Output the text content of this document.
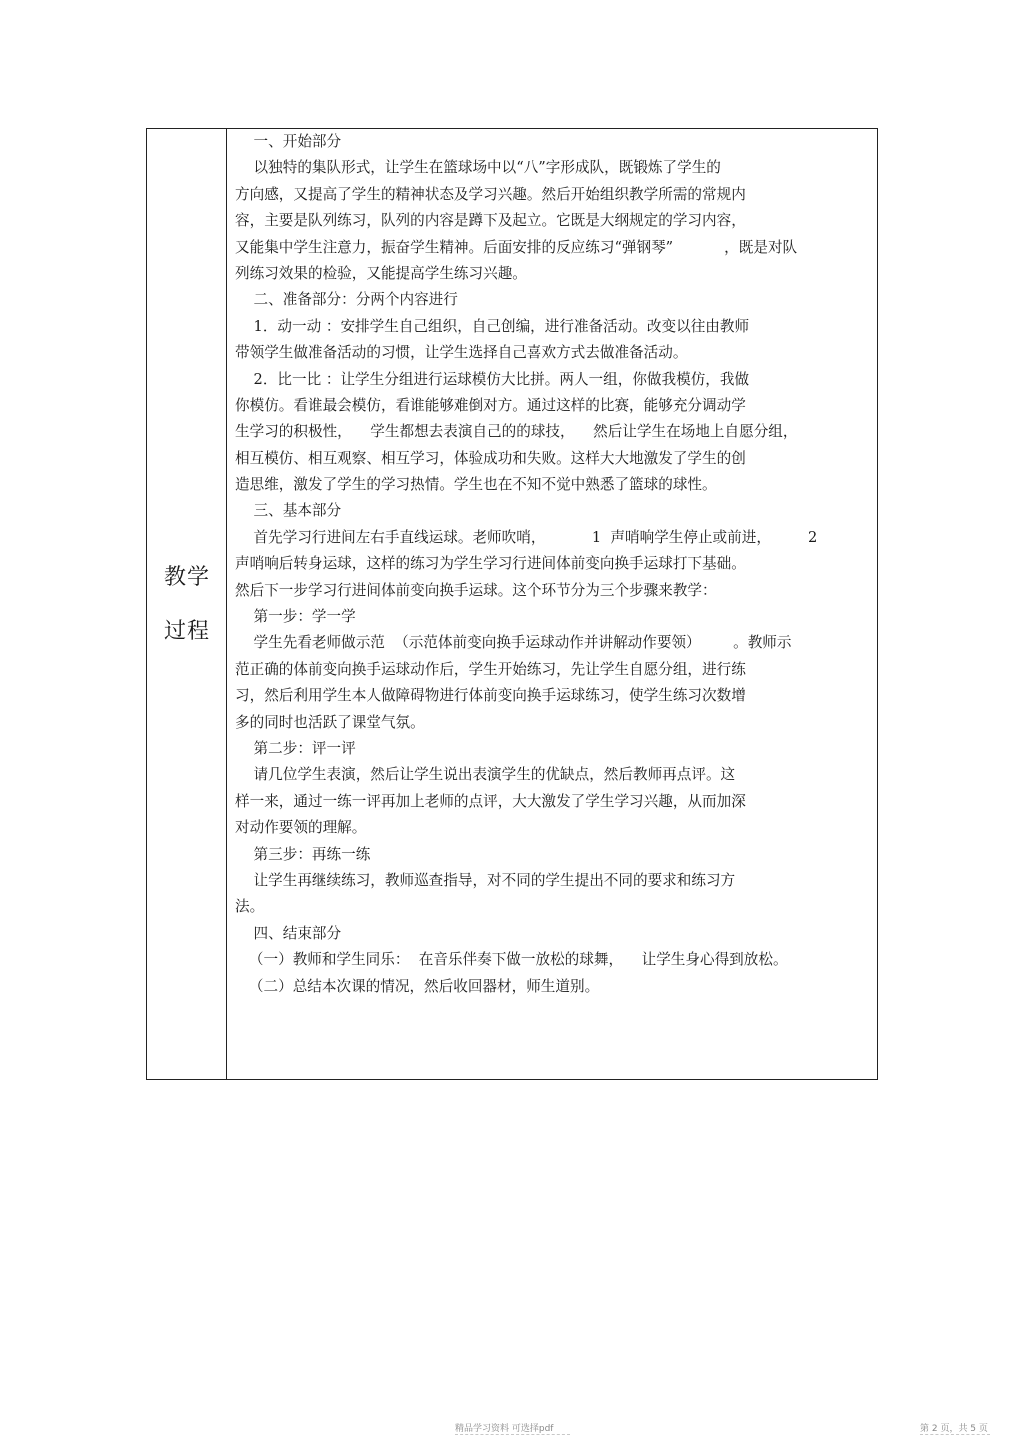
教学
过程
一、开始部分
以独特的集队形式，让学生在篮球场中以“八”字形成队，既锻炼了学生的
方向感，又提高了学生的精神状态及学习兴趣。然后开始组织教学所需的常规内
容，主要是队列练习，队列的内容是蹲下及起立。它既是大纲规定的学习内容，
又能集中学生注意力，振奋学生精神。后面安排的反应练习“弹钢琴”           ，既是对队
列练习效果的检验，又能提高学生练习兴趣。
二、准备部分：分两个内容进行
1．动一动 ：安排学生自己组织，自己创编，进行准备活动。改变以往由教师
带领学生做准备活动的习惯，让学生选择自己喜欢方式去做准备活动。
2．比一比 ：让学生分组进行运球模仿大比拼。两人一组，你做我模仿，我做
你模仿。看谁最会模仿，看谁能够难倒对方。通过这样的比赛，能够充分调动学
生学习的积极性，    学生都想去表演自己的的球技，    然后让学生在场地上自愿分组，
相互模仿、相互观察、相互学习，体验成功和失败。这样大大地激发了学生的创
造思维，激发了学生的学习热情。学生也在不知不觉中熟悉了篮球的球性。
三、基本部分
首先学习行进间左右手直线运球。老师吹哨，          1  声哨响学生停止或前进，        2
声哨响后转身运球，这样的练习为学生学习行进间体前变向换手运球打下基础。
然后下一步学习行进间体前变向换手运球。这个环节分为三个步骤来教学：
第一步：学一学
学生先看老师做示范  （示范体前变向换手运球动作并讲解动作要领）       。教师示
范正确的体前变向换手运球动作后，学生开始练习，先让学生自愿分组，进行练
习，然后利用学生本人做障碍物进行体前变向换手运球练习，使学生练习次数增
多的同时也活跃了课堂气氛。
第二步：评一评
请几位学生表演，然后让学生说出表演学生的优缺点，然后教师再点评。这
样一来，通过一练一评再加上老师的点评，大大激发了学生学习兴趣，从而加深
对动作要领的理解。
第三步：再练一练
让学生再继续练习，教师巡查指导，对不同的学生提出不同的要求和练习方
法。
四、结束部分
（一）教师和学生同乐：  在音乐伴奏下做一放松的球舞，    让学生身心得到放松。
（二）总结本次课的情况，然后收回器材，师生道别。
精品学习资料 可选择pdf	第 2 页，共 5 页
